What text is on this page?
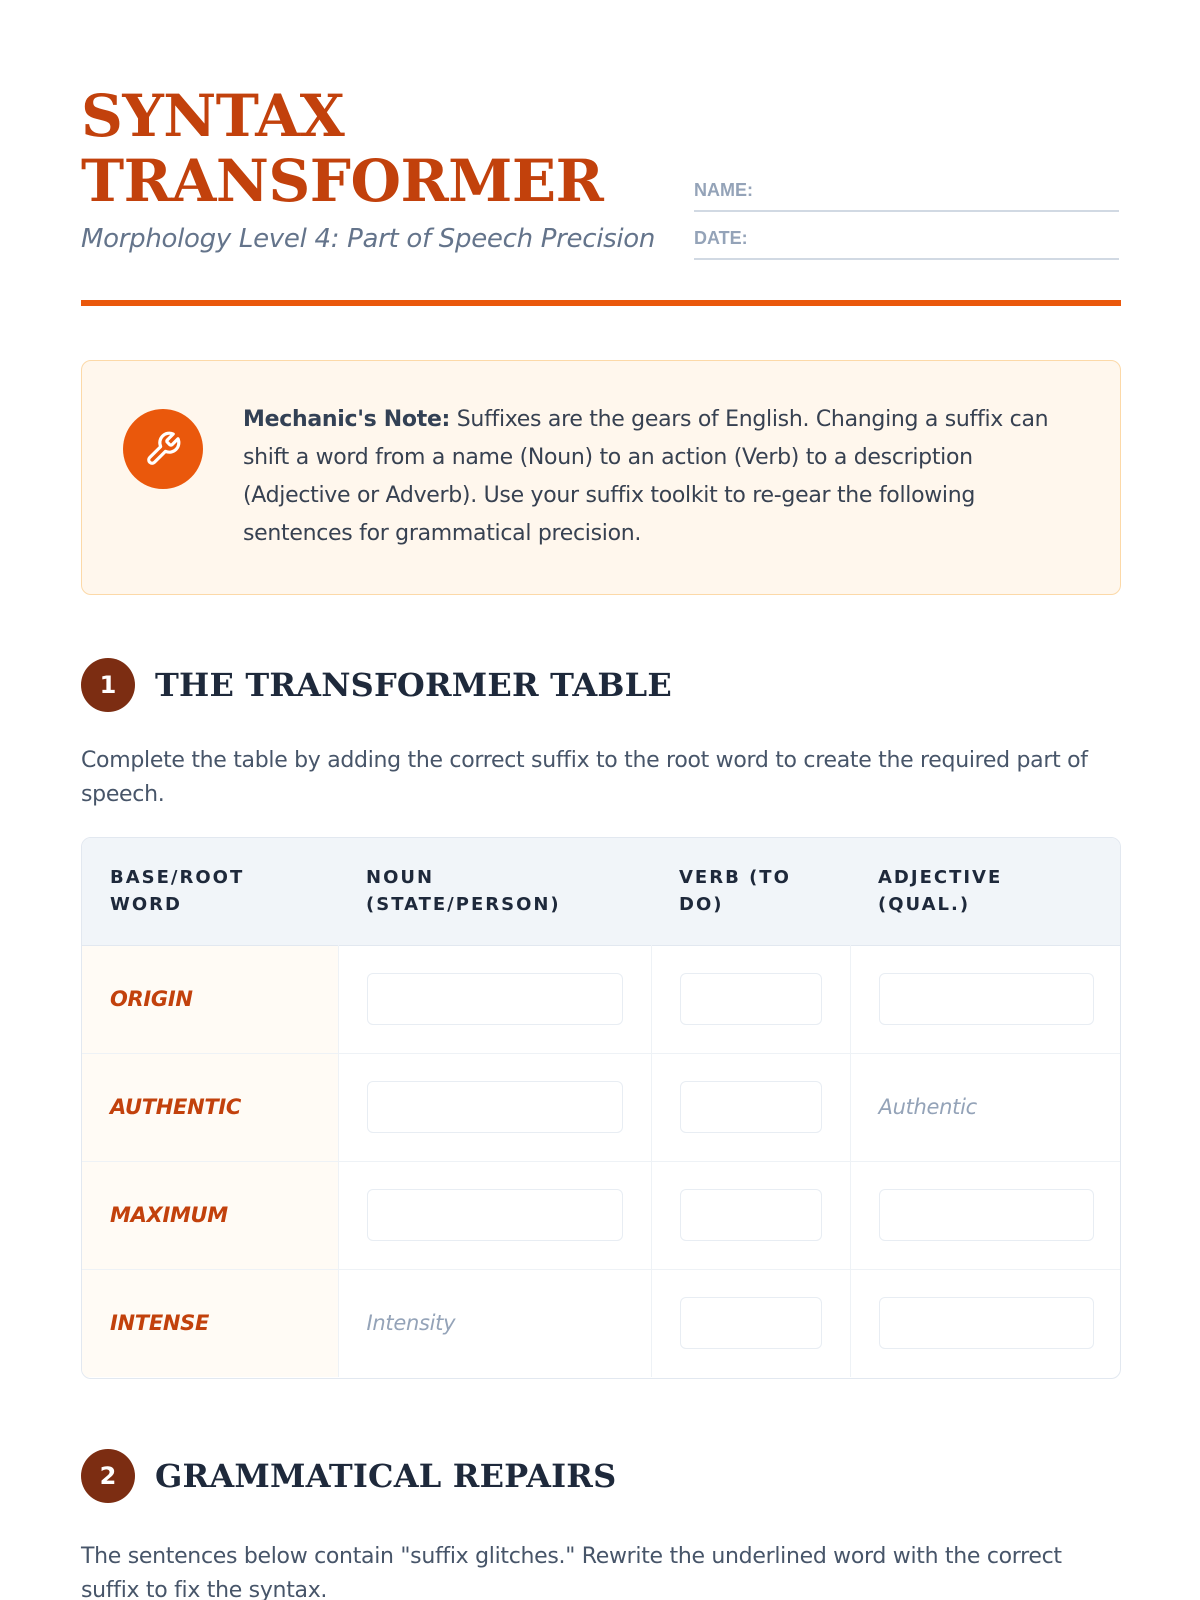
SYNTAX TRANSFORMER
Morphology Level 4: Part of Speech Precision
NAME:
DATE:

Mechanic's Note: Suffixes are the gears of English. Changing a suffix can shift a word from a name (Noun) to an action (Verb) to a description (Adjective or Adverb). Use your suffix toolkit to re-gear the following sentences for grammatical precision.

1	THE TRANSFORMER TABLE

Complete the table by adding the correct suffix to the root word to create the required part of speech.

BASE/ROOT WORD	NOUN (STATE/PERSON)	VERB (TO DO)	ADJECTIVE (QUAL.)
ORIGIN	

AUTHENTIC			Authentic
MAXIMUM	

INTENSE	Intensity	

2	GRAMMATICAL REPAIRS

The sentences below contain "suffix glitches." Rewrite the underlined word with the correct suffix to fix the syntax.
